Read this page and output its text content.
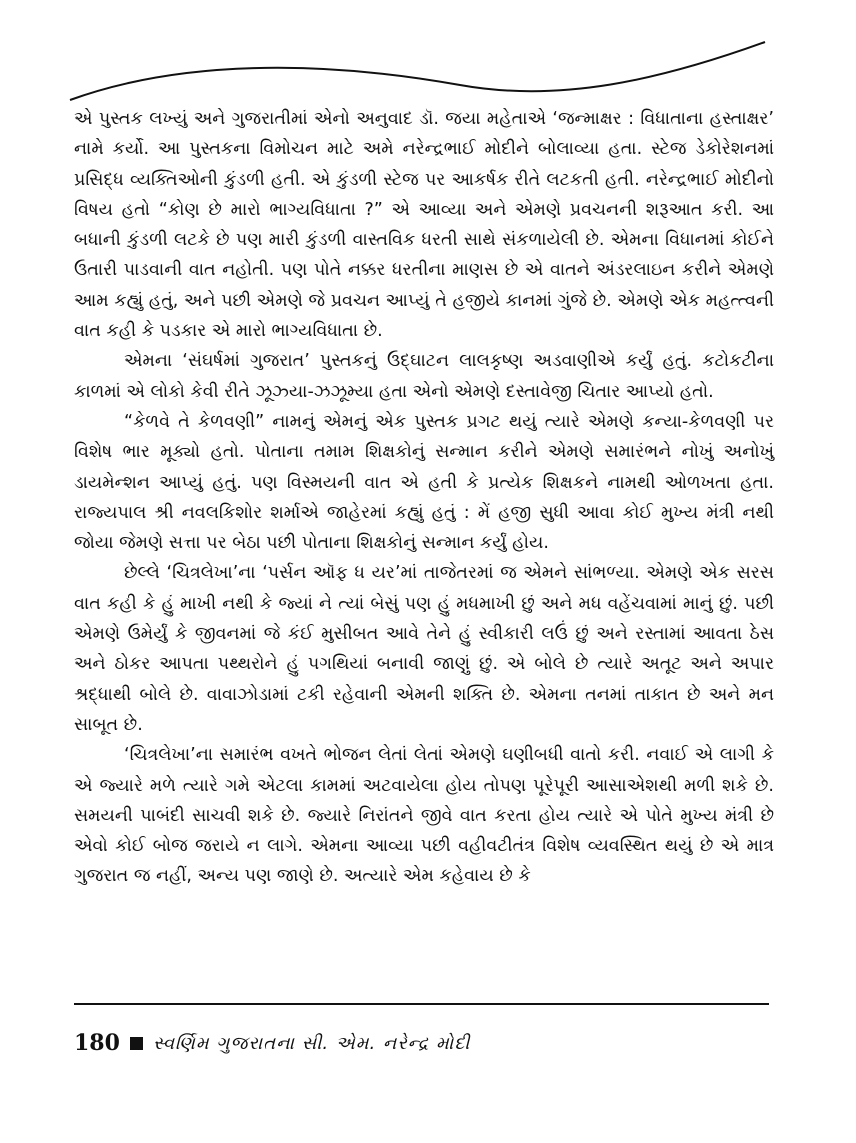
એ પુસ્તક લખ્યું અને ગુજરાતીમાં એનો અનુવાદ ડૉ. જયા મહેતાએ ‘જન્માક્ષર : વિધાતાના હસ્તાક્ષર’ નામે કર્યો. આ પુસ્તકના વિમોચન માટે અમે નરેન્દ્રભાઈ મોદીને બોલાવ્યા હતા. સ્ટેજ ડેકોરેશનમાં પ્રસિદ્ધ વ્યક્તિઓની કુંડળી હતી. એ કુંડળી સ્ટેજ પર આકર્ષક રીતે લટકતી હતી. નરેન્દ્રભાઈ મોદીનો વિષય હતો “કોણ છે મારો ભાગ્યવિધાતા ?” એ આવ્યા અને એમણે પ્રવચનની શરૂઆત કરી. આ બધાની કુંડળી લટકે છે પણ મારી કુંડળી વાસ્તવિક ધરતી સાથે સંકળાયેલી છે. એમના વિધાનમાં કોઈને ઉતારી પાડવાની વાત નહોતી. પણ પોતે નક્કર ધરતીના માણસ છે એ વાતને અંડરલાઇન કરીને એમણે આમ કહ્યું હતું, અને પછી એમણે જે પ્રવચન આપ્યું તે હજીયે કાનમાં ગુંજે છે. એમણે એક મહત્ત્વની વાત કહી કે પડકાર એ મારો ભાગ્યવિધાતા છે.

એમના ‘સંઘર્ષમાં ગુજરાત’ પુસ્તકનું ઉદ્ઘાટન લાલકૃષ્ણ અડવાણીએ કર્યું હતું. કટોકટીના કાળમાં એ લોકો કેવી રીતે ઝૂઝ્યા-ઝઝૂમ્યા હતા એનો એમણે દસ્તાવેજી ચિતાર આપ્યો હતો.

“કેળવે તે કેળવણી” નામનું એમનું એક પુસ્તક પ્રગટ થયું ત્યારે એમણે કન્યા-કેળવણી પર વિશેષ ભાર મૂક્યો હતો. પોતાના તમામ શિક્ષકોનું સન્માન કરીને એમણે સમારંભને નોખું અનોખું ડાયમેન્શન આપ્યું હતું. પણ વિસ્મયની વાત એ હતી કે પ્રત્યેક શિક્ષકને નામથી ઓળખતા હતા. રાજ્યપાલ શ્રી નવલકિશોર શર્માએ જાહેરમાં કહ્યું હતું : મેં હજી સુધી આવા કોઈ મુખ્ય મંત્રી નથી જોયા જેમણે સત્તા પર બેઠા પછી પોતાના શિક્ષકોનું સન્માન કર્યું હોય.

છેલ્લે ‘ચિત્રલેખા’ના ‘પર્સન ઑફ ધ યર’માં તાજેતરમાં જ એમને સાંભળ્યા. એમણે એક સરસ વાત કહી કે હું માખી નથી કે જ્યાં ને ત્યાં બેસું પણ હું મધમાખી છું અને મધ વહેંચવામાં માનું છું. પછી એમણે ઉમેર્યું કે જીવનમાં જે કંઈ મુસીબત આવે તેને હું સ્વીકારી લઉં છું અને રસ્તામાં આવતા ઠેસ અને ઠોકર આપતા પથ્થરોને હું પગથિયાં બનાવી જાણું છું. એ બોલે છે ત્યારે અતૂટ અને અપાર શ્રદ્ધાથી બોલે છે. વાવાઝોડામાં ટકી રહેવાની એમની શક્તિ છે. એમના તનમાં તાકાત છે અને મન સાબૂત છે.

‘ચિત્રલેખા’ના સમારંભ વખતે ભોજન લેતાં લેતાં એમણે ઘણીબધી વાતો કરી. નવાઈ એ લાગી કે એ જ્યારે મળે ત્યારે ગમે એટલા કામમાં અટવાયેલા હોય તોપણ પૂરેપૂરી આસાએશથી મળી શકે છે. સમયની પાબંદી સાચવી શકે છે. જ્યારે નિરાંતને જીવે વાત કરતા હોય ત્યારે એ પોતે મુખ્ય મંત્રી છે એવો કોઈ બોજ જરાયે ન લાગે. એમના આવ્યા પછી વહીવટીતંત્ર વિશેષ વ્યવસ્થિત થયું છે એ માત્ર ગુજરાત જ નહીં, અન્ય પણ જાણે છે. અત્યારે એમ કહેવાય છે કે

180 સ્વર્ણિમ ગુજરાતના સી. એમ. નરેન્દ્ર મોદી
